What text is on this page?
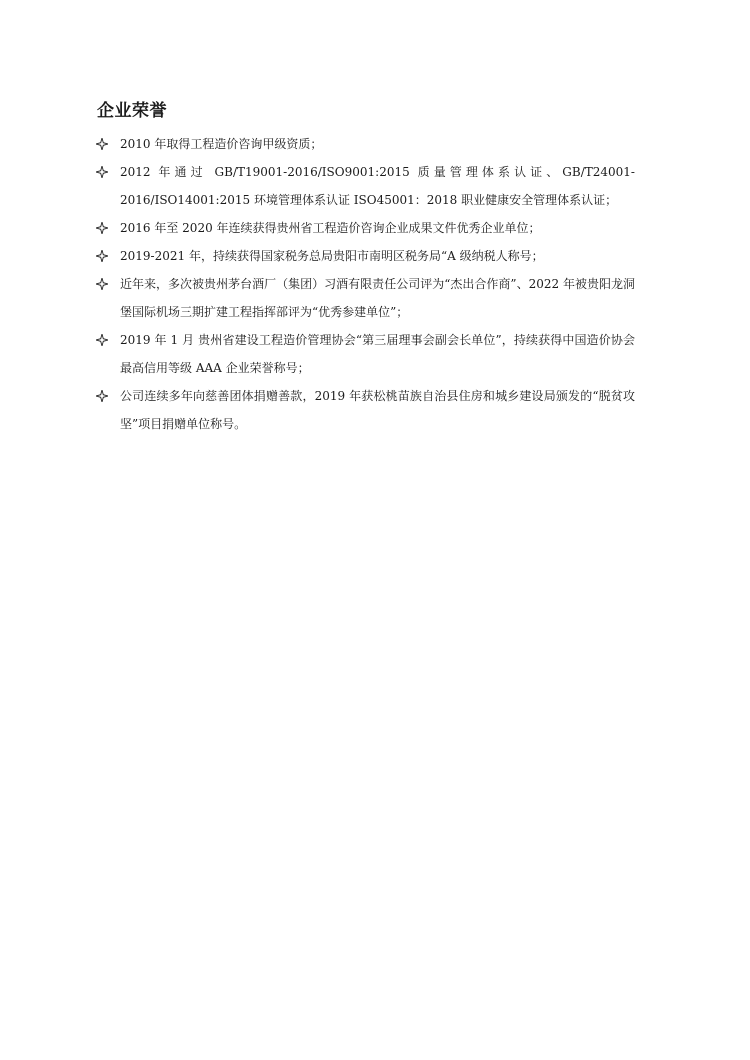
企业荣誉
2010 年取得工程造价咨询甲级资质；
2012 年通过 GB/T19001-2016/ISO9001:2015 质量管理体系认证、GB/T24001-2016/ISO14001:2015 环境管理体系认证 ISO45001：2018 职业健康安全管理体系认证；
2016 年至 2020 年连续获得贵州省工程造价咨询企业成果文件优秀企业单位；
2019-2021 年，持续获得国家税务总局贵阳市南明区税务局“A 级纳税人称号；
近年来，多次被贵州茅台酒厂（集团）习酒有限责任公司评为“杰出合作商”、2022 年被贵阳龙洞堡国际机场三期扩建工程指挥部评为“优秀参建单位”；
2019 年 1 月 贵州省建设工程造价管理协会“第三届理事会副会长单位”，持续获得中国造价协会最高信用等级 AAA 企业荣誉称号；
公司连续多年向慈善团体捐赠善款，2019 年获松桃苗族自治县住房和城乡建设局颁发的“脱贫攻坚”项目捐赠单位称号。
